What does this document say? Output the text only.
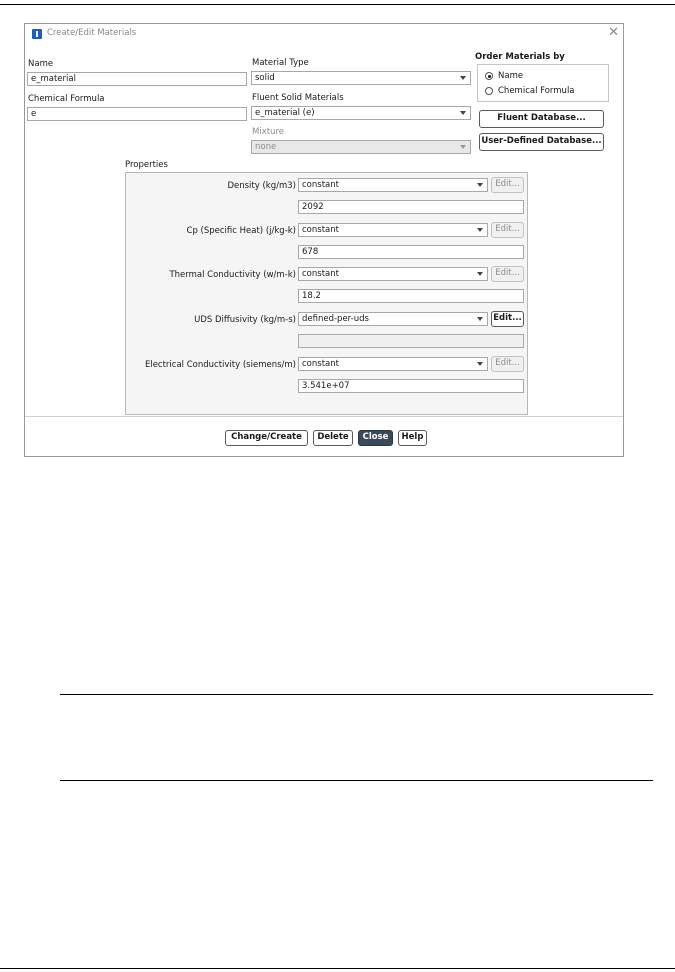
Create/Edit Materials	✕
Name
e_material
Chemical Formula
e
Material Type
solid
Fluent Solid Materials
e_material (e)
Mixture
none
Order Materials by
Name
Chemical Formula
Fluent Database...
User-Defined Database...
Properties
Density (kg/m3) constant	Edit...
2092
Cp (Specific Heat) (j/kg-k) constant	Edit...
678
Thermal Conductivity (w/m-k) constant	Edit...
18.2
UDS Diffusivity (kg/m-s) defined-per-uds	Edit...
Electrical Conductivity (siemens/m) constant	Edit...
3.541e+07
Change/Create	Delete	Close	Help
